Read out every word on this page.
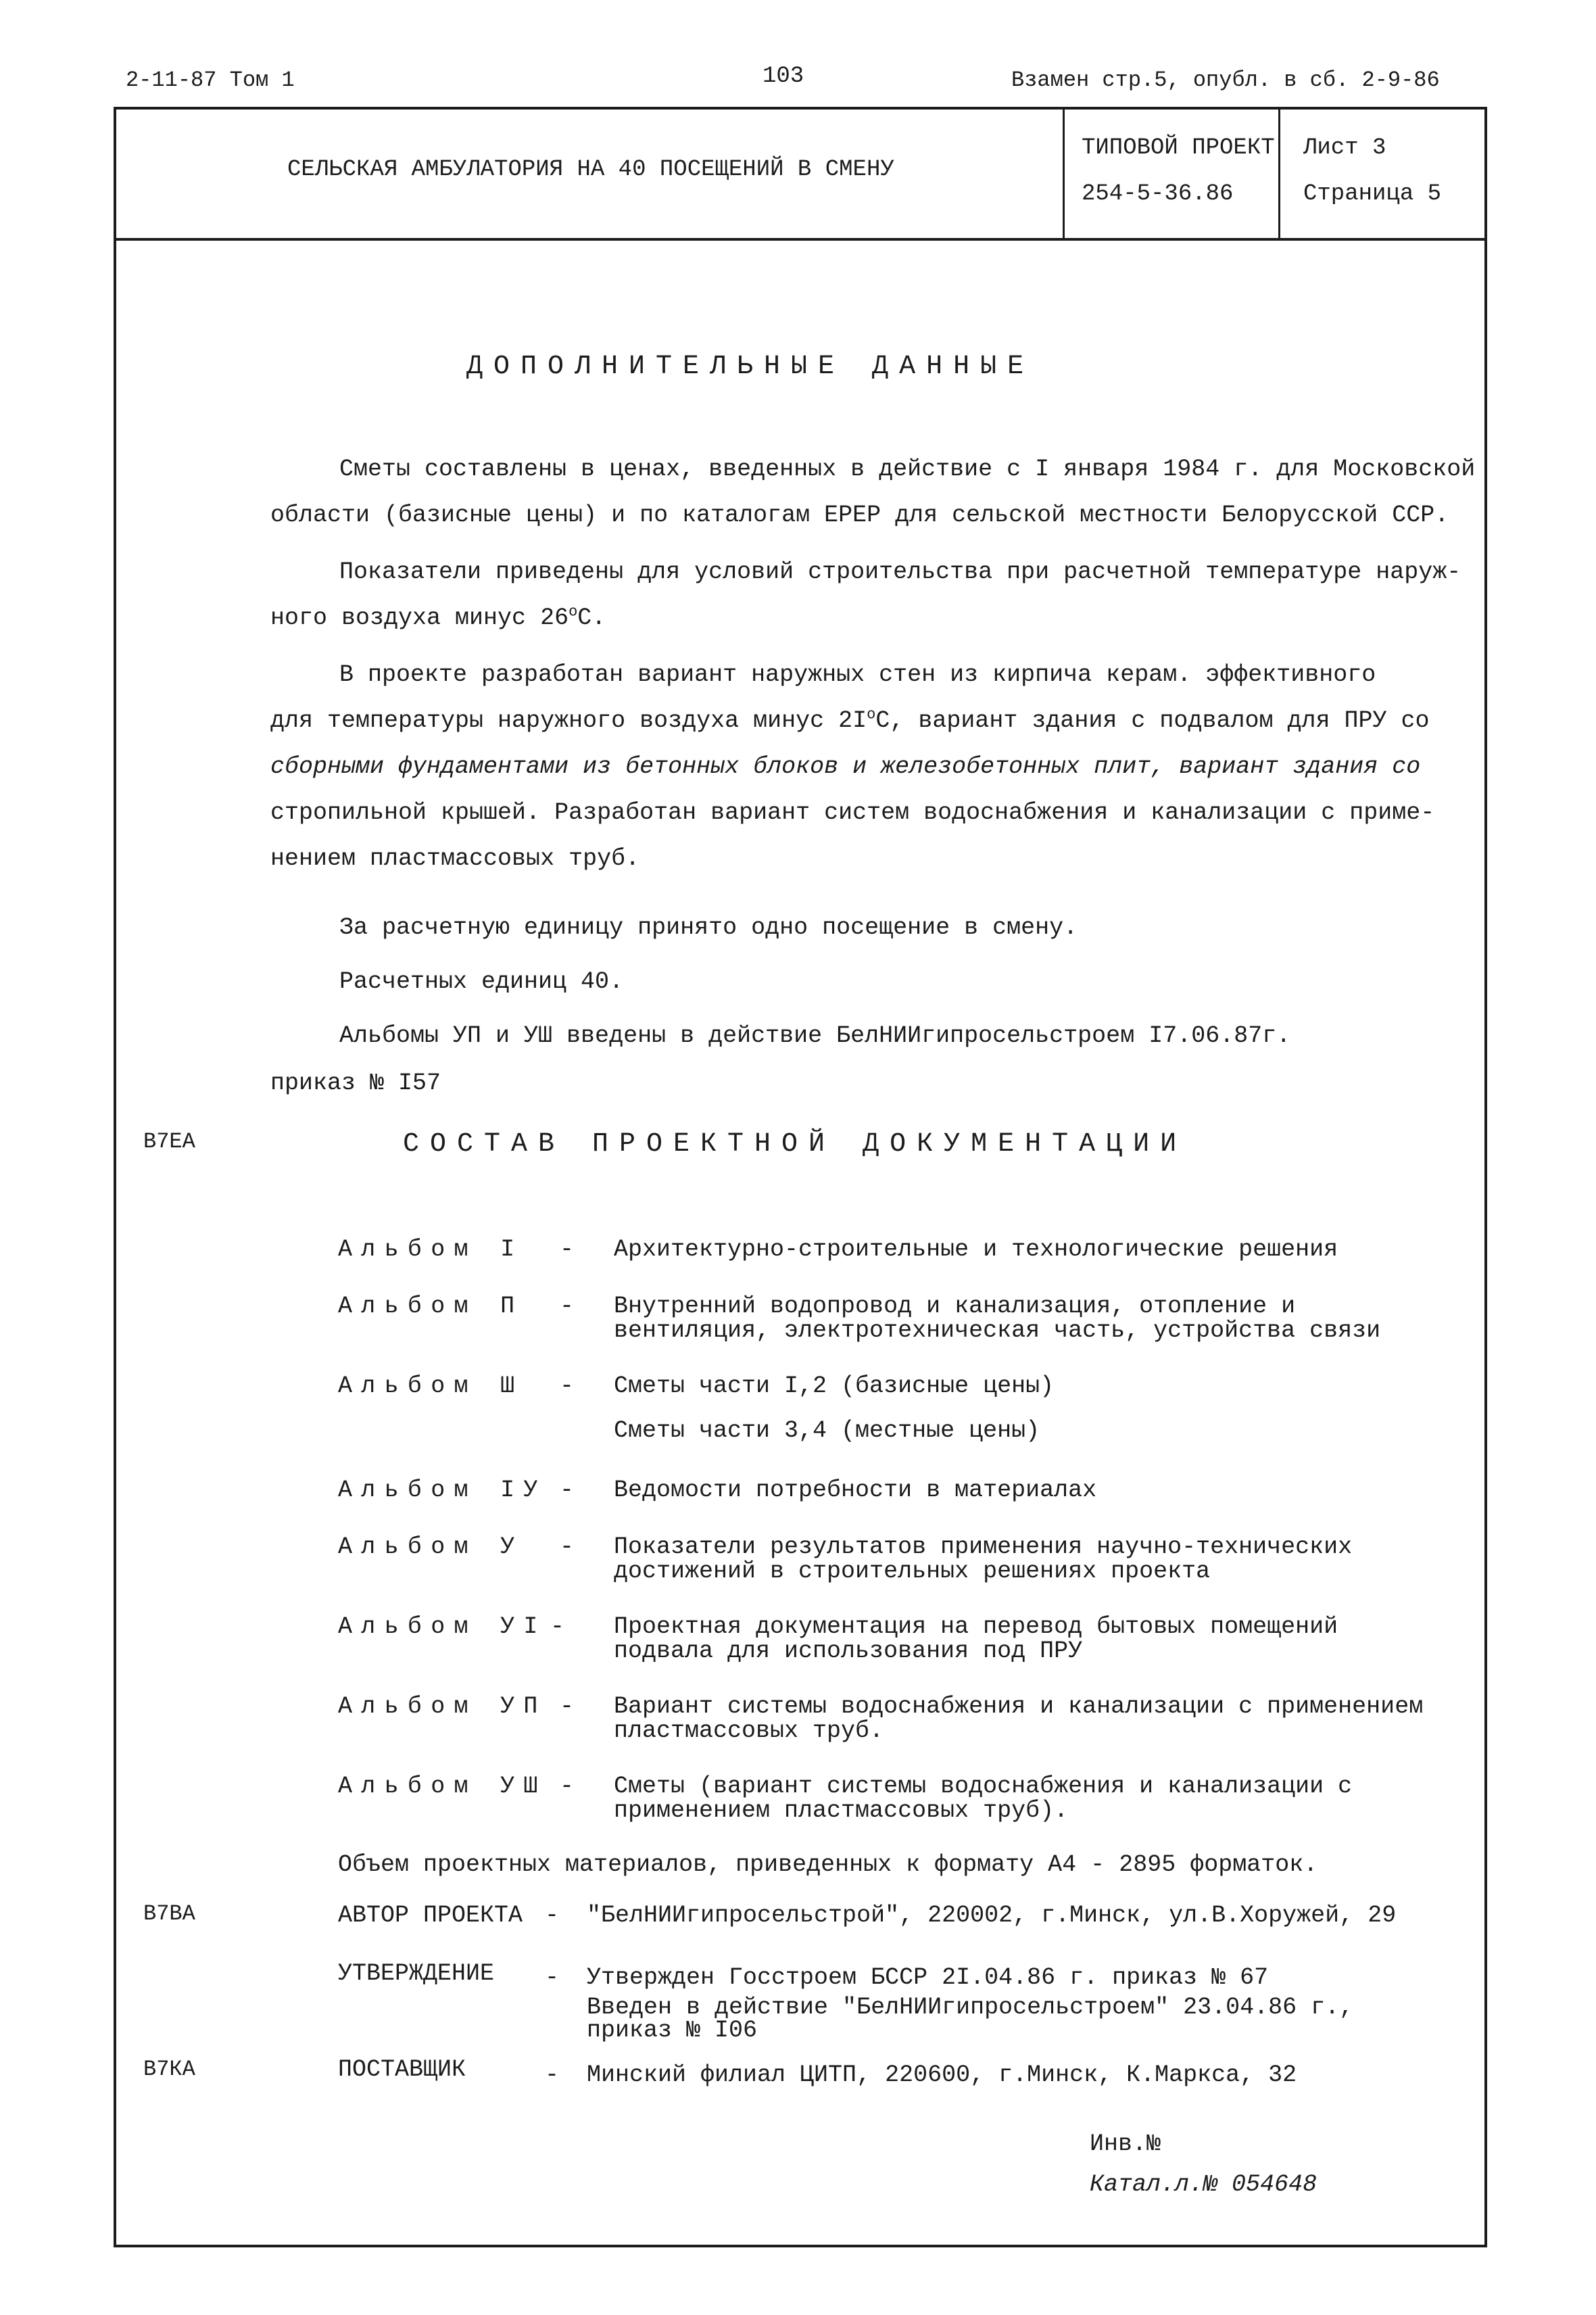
2-11-87 Том 1	103	Взамен стр.5, опубл. в сб. 2-9-86
СЕЛЬСКАЯ АМБУЛАТОРИЯ НА 40 ПОСЕЩЕНИЙ В СМЕНУ
ТИПОВОЙ ПРОЕКТ
254-5-36.86
Лист 3
Страница 5
ДОПОЛНИТЕЛЬНЫЕ ДАННЫЕ
Сметы составлены в ценах, введенных в действие с I января 1984 г. для Московской
области (базисные цены) и по каталогам ЕРЕР для сельской местности Белорусской ССР.
Показатели приведены для условий строительства при расчетной температуре наруж-
ного воздуха минус 26$^o$C.
В проекте разработан вариант наружных стен из кирпича керам. эффективного
для температуры наружного воздуха минус $2I^oC$, вариант здания с подвалом для ПРУ со
сборными фундаментами из бетонных блоков и железобетонных плит, вариант здания со
стропильной крышей. Разработан вариант систем водоснабжения и канализации с приме-
нением пластмассовых труб.
За расчетную единицу принято одно посещение в смену.
Расчетных единиц 40.
Альбомы УП и УШ введены в действие БелНИИгипросельстроем I7.06.87г.
приказ № I57
В7ЕА	СОСТАВ ПРОЕКТНОЙ ДОКУМЕНТАЦИИ
Альбом I - Архитектурно-строительные и технологические решения
Альбом П - Внутренний водопровод и канализация, отопление и
вентиляция, электротехническая часть, устройства связи
Альбом Ш - Сметы части I,2 (базисные цены)
Сметы части 3,4 (местные цены)
Альбом IУ - Ведомости потребности в материалах
Альбом У - Показатели результатов применения научно-технических
достижений в строительных решениях проекта
Альбом УI - Проектная документация на перевод бытовых помещений
подвала для использования под ПРУ
Альбом УП - Вариант системы водоснабжения и канализации с применением
пластмассовых труб.
Альбом УШ - Сметы (вариант системы водоснабжения и канализации с
применением пластмассовых труб).
Объем проектных материалов, приведенных к формату А4 - 2895 форматок.
В7ВА	АВТОР ПРОЕКТА - "БелНИИгипросельстрой", 220002, г.Минск, ул.В.Хоружей, 29
УТВЕРЖДЕНИЕ - Утвержден Госстроем БССР 2I.04.86 г. приказ № 67
Введен в действие "БелНИИгипросельстроем" 23.04.86 г.,
приказ № I06
В7КА	ПОСТАВЩИК	- Минский филиал ЦИТП, 220600, г.Минск, К.Маркса, 32
Инв.№
Катал.л.№ 054648
